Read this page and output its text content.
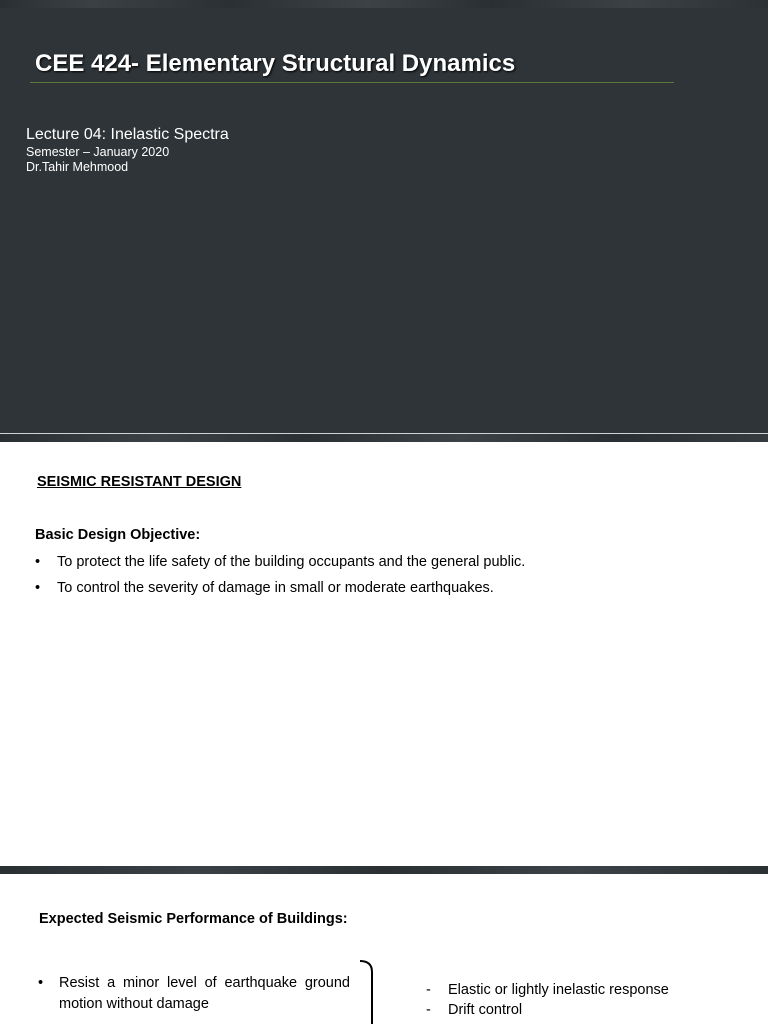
CEE 424- Elementary Structural Dynamics
Lecture 04: Inelastic Spectra
Semester – January 2020
Dr.Tahir Mehmood
SEISMIC RESISTANT DESIGN
Basic Design Objective:
• To protect the life safety of the building occupants and the general public.
• To control the severity of damage in small or moderate earthquakes.
Expected Seismic Performance of Buildings:
• Resist a minor level of earthquake ground motion without damage
- Elastic or lightly inelastic response
- Drift control
